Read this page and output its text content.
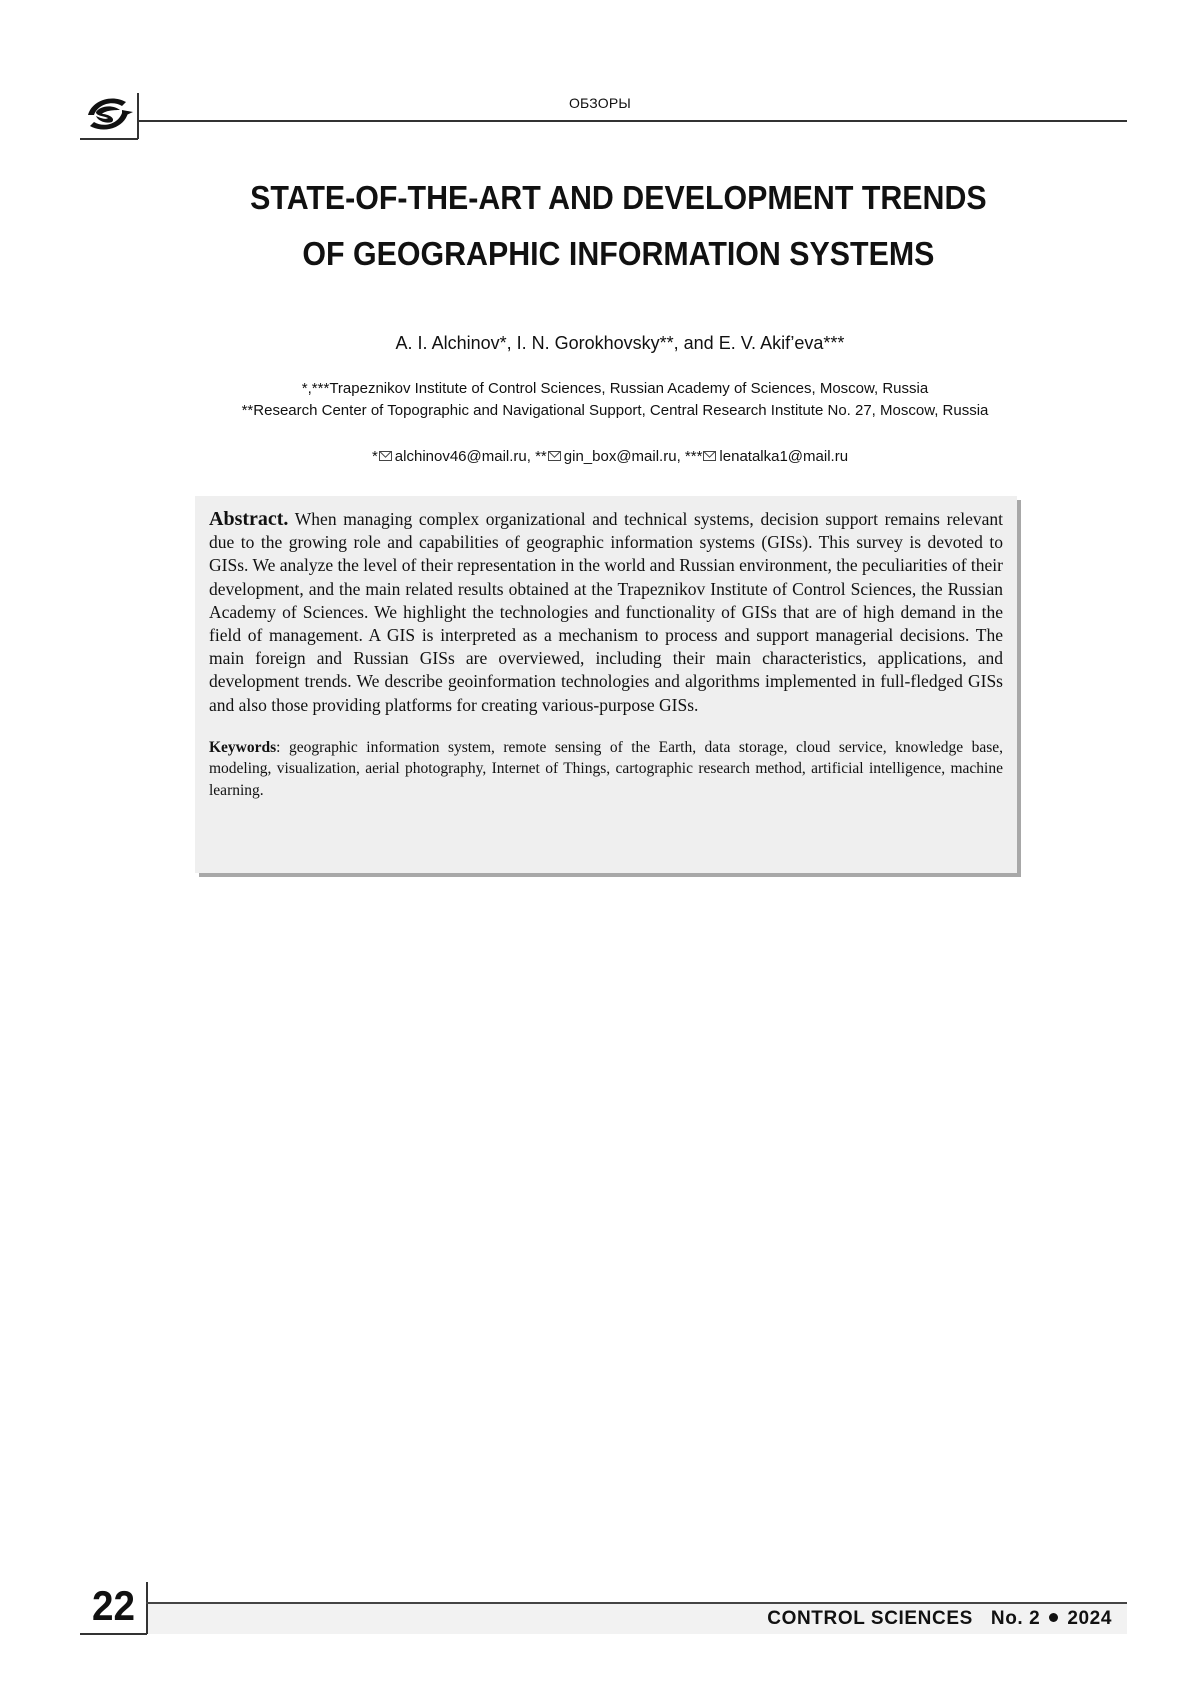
ОБЗОРЫ
STATE-OF-THE-ART AND DEVELOPMENT TRENDS
OF GEOGRAPHIC INFORMATION SYSTEMS
A. I. Alchinov*, I. N. Gorokhovsky**, and E. V. Akif’eva***
*,***Trapeznikov Institute of Control Sciences, Russian Academy of Sciences, Moscow, Russia
**Research Center of Topographic and Navigational Support, Central Research Institute No. 27, Moscow, Russia
* alchinov46@mail.ru, ** gin_box@mail.ru, *** lenatalka1@mail.ru

Abstract. When managing complex organizational and technical systems, decision support remains relevant due to the growing role and capabilities of geographic information systems (GISs). This survey is devoted to GISs. We analyze the level of their representation in the world and Russian environment, the peculiarities of their development, and the main related results obtained at the Trapeznikov Institute of Control Sciences, the Russian Academy of Sciences. We highlight the technologies and functionality of GISs that are of high demand in the field of management. A GIS is interpreted as a mechanism to process and support managerial decisions. The main foreign and Russian GISs are overviewed, including their main characteristics, applications, and development trends. We describe geoinformation technologies and algorithms implemented in full-fledged GISs and also those providing platforms for creating various-purpose GISs.

Keywords: geographic information system, remote sensing of the Earth, data storage, cloud service, knowledge base, modeling, visualization, aerial photography, Internet of Things, cartographic research method, artificial intelligence, machine learning.

22	CONTROL SCIENCES No. 2 2024
